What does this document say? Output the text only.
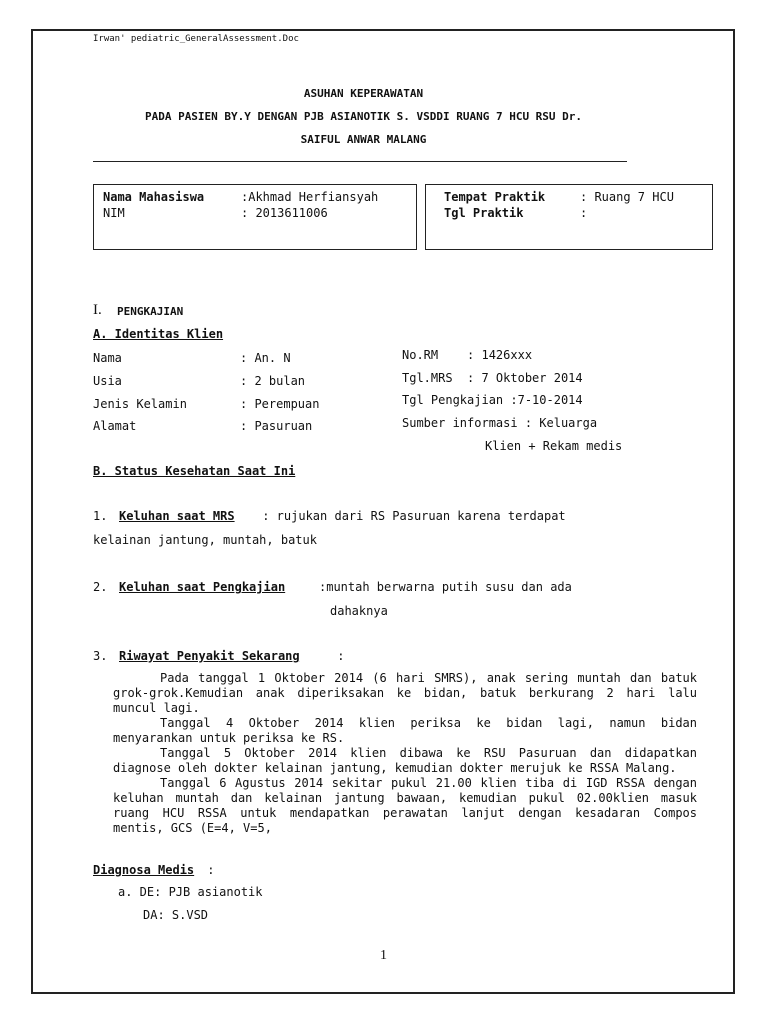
Irwan' pediatric_GeneralAssessment.Doc
ASUHAN KEPERAWATAN
PADA PASIEN BY.Y DENGAN PJB ASIANOTIK S. VSDDI RUANG 7 HCU RSU Dr.
SAIFUL ANWAR MALANG
Nama Mahasiswa	:Akhmad Herfiansyah
NIM	: 2013611006
Tempat Praktik	: Ruang 7 HCU
Tgl Praktik	:
I. PENGKAJIAN
A. Identitas Klien
Nama	: An. N
Usia	: 2 bulan
Jenis Kelamin	: Perempuan
Alamat	: Pasuruan
No.RM    : 1426xxx
Tgl.MRS  : 7 Oktober 2014
Tgl Pengkajian :7-10-2014
Sumber informasi : Keluarga
Klien + Rekam medis
B. Status Kesehatan Saat Ini
1. Keluhan saat MRS : rujukan dari RS Pasuruan karena terdapat
kelainan jantung, muntah, batuk
2. Keluhan saat Pengkajian	:muntah berwarna putih susu dan ada
dahaknya
3. Riwayat Penyakit Sekarang	:
Pada tanggal 1 Oktober 2014 (6 hari SMRS), anak sering muntah dan batuk grok-grok.Kemudian anak diperiksakan ke bidan, batuk berkurang 2 hari lalu muncul lagi.
Tanggal 4 Oktober 2014 klien periksa ke bidan lagi, namun bidan menyarankan untuk periksa ke RS.
Tanggal 5 Oktober 2014 klien dibawa ke RSU Pasuruan dan didapatkan diagnose oleh dokter kelainan jantung, kemudian dokter merujuk ke RSSA Malang.
Tanggal 6 Agustus 2014 sekitar pukul 21.00 klien tiba di IGD RSSA dengan keluhan muntah dan kelainan jantung bawaan, kemudian pukul 02.00klien masuk ruang HCU RSSA untuk mendapatkan perawatan lanjut dengan kesadaran Compos mentis, GCS (E=4, V=5,
Diagnosa Medis :
a. DE: PJB asianotik
DA: S.VSD
1
